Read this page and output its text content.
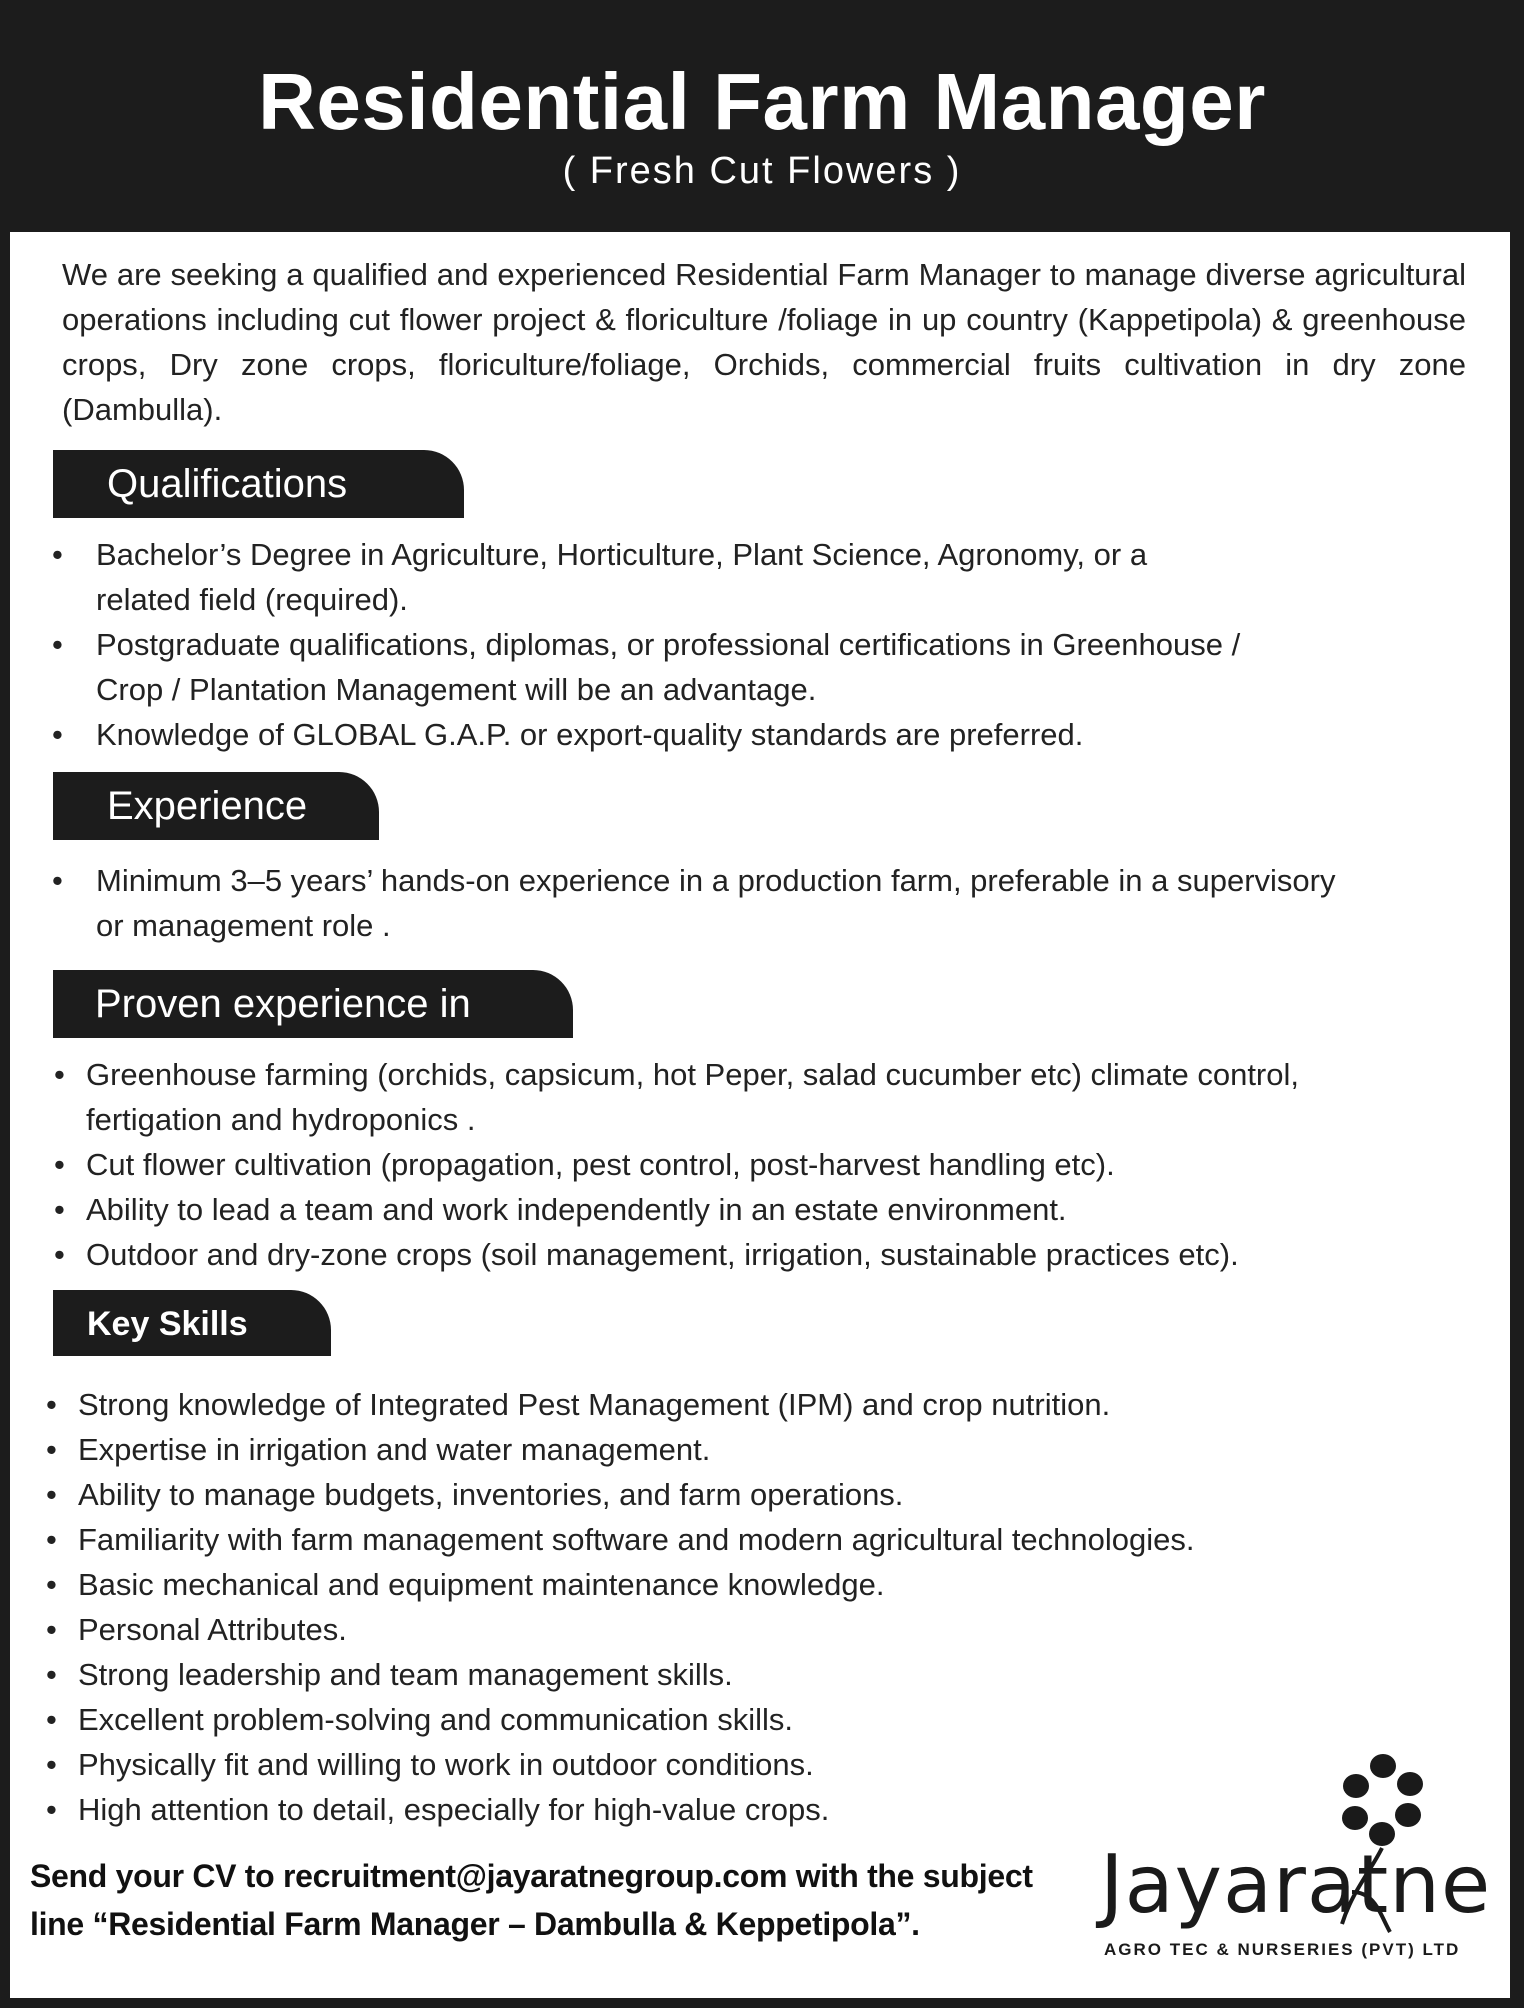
Residential Farm Manager
( Fresh Cut Flowers )
We are seeking a qualified and experienced Residential Farm Manager to manage diverse agricultural operations including cut flower project & floriculture /foliage in up country (Kappetipola) & greenhouse crops, Dry zone crops, floriculture/foliage, Orchids, commercial fruits cultivation in dry zone (Dambulla).
Qualifications
• Bachelor’s Degree in Agriculture, Horticulture, Plant Science, Agronomy, or a related field (required).
• Postgraduate qualifications, diplomas, or professional certifications in Greenhouse / Crop / Plantation Management will be an advantage.
• Knowledge of GLOBAL G.A.P. or export-quality standards are preferred.
Experience
• Minimum 3–5 years’ hands-on experience in a production farm, preferable in a supervisory or management role .
Proven experience in
• Greenhouse farming (orchids, capsicum, hot Peper, salad cucumber etc) climate control, fertigation and hydroponics .
• Cut flower cultivation (propagation, pest control, post-harvest handling etc).
• Ability to lead a team and work independently in an estate environment.
• Outdoor and dry-zone crops (soil management, irrigation, sustainable practices etc).
Key Skills
• Strong knowledge of Integrated Pest Management (IPM) and crop nutrition.
• Expertise in irrigation and water management.
• Ability to manage budgets, inventories, and farm operations.
• Familiarity with farm management software and modern agricultural technologies.
• Basic mechanical and equipment maintenance knowledge.
• Personal Attributes.
• Strong leadership and team management skills.
• Excellent problem-solving and communication skills.
• Physically fit and willing to work in outdoor conditions.
• High attention to detail, especially for high-value crops.
Send your CV to recruitment@jayaratnegroup.com with the subject
line “Residential Farm Manager – Dambulla & Keppetipola”.	Jayaratne
AGRO TEC & NURSERIES (PVT) LTD
